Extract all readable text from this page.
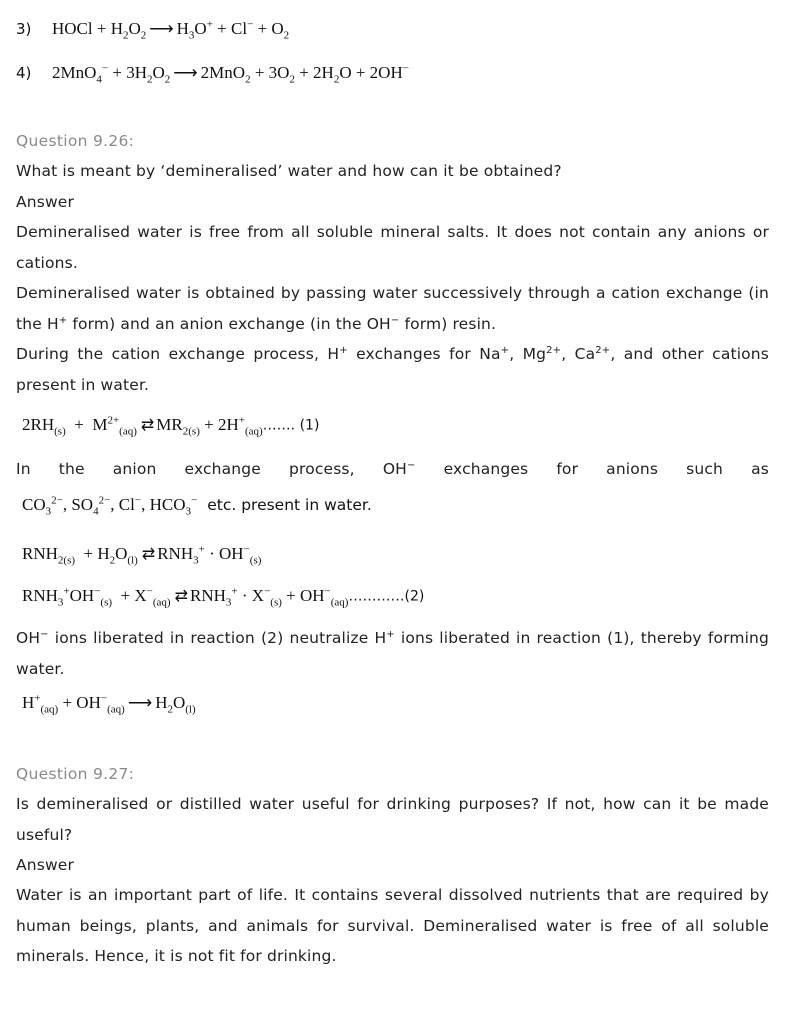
3) HOCl + $H_2O_2$ ⟶ $H_3O^+ + Cl^- + O_2$
4) $2MnO_4^- + 3H_2O_2$ ⟶ $2MnO_2 + 3O_2 + 2H_2O + 2OH^-$
Question 9.26:
What is meant by ‘demineralised’ water and how can it be obtained?
Answer
Demineralised water is free from all soluble mineral salts. It does not contain any anions or cations.
Demineralised water is obtained by passing water successively through a cation exchange (in the H+ form) and an anion exchange (in the OH− form) resin.
During the cation exchange process, H+ exchanges for Na+, $Mg^{2+}$, $Ca^{2+}$, and other cations present in water.
$2RH_{(s)} + M^{2+}_{(aq)}$ ⇄ $MR_{2(s)}$ + $2H^+_{(aq)}\dots\dots$. (1)
In the anion exchange process, OH− exchanges for anions such as
$CO_3^{2-}$, $SO_4^{2-}$, Cl−, $HCO_3^-$ etc. present in water.
$RNH_{2(s)} + H_2O_{(l)}$ ⇄ $RNH_3^+ \cdot OH^-_{(s)}$
$RNH_3^+OH^-_{(s)} + X^-_{(aq)}$ ⇄ $RNH_3^+ \cdot X^-_{(s)}$ + $OH^-_{(aq)}\dots\dots\dots\dots(2)$
OH− ions liberated in reaction (2) neutralize H+ ions liberated in reaction (1), thereby forming water.
$H^+_{(aq)} + OH^-_{(aq)}$ ⟶ $H_2O_{(l)}$
Question 9.27:
Is demineralised or distilled water useful for drinking purposes? If not, how can it be made useful?
Answer
Water is an important part of life. It contains several dissolved nutrients that are required by human beings, plants, and animals for survival. Demineralised water is free of all soluble minerals. Hence, it is not fit for drinking.
